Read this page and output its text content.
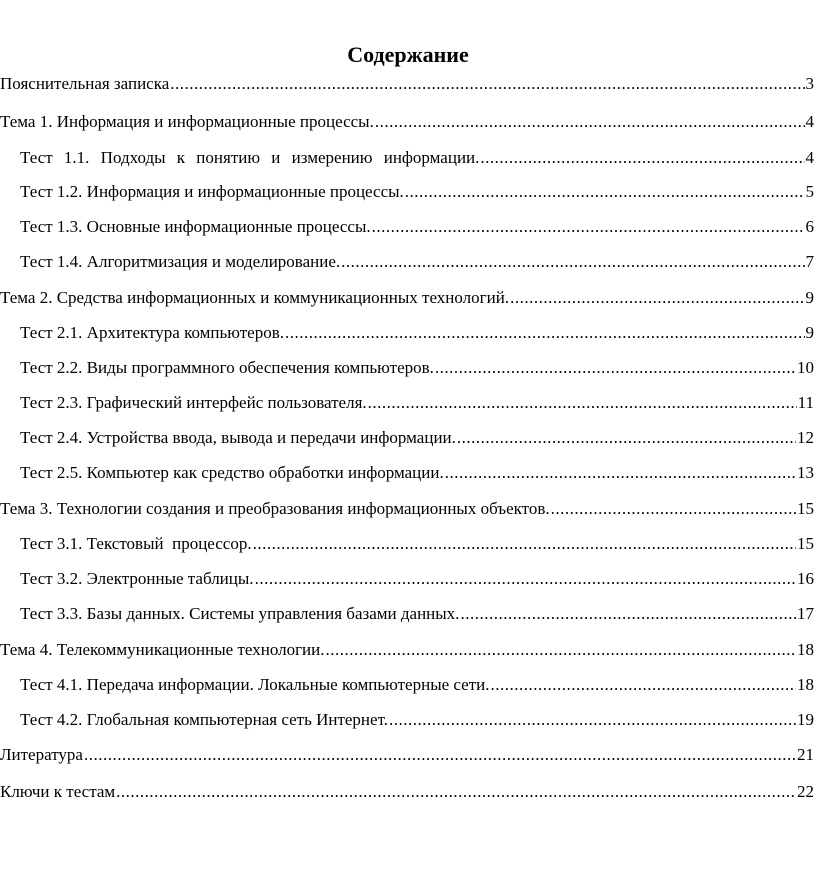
Содержание
Пояснительная записка .....	3
Тема 1. Информация и информационные процессы. .....	4
Тест 1.1. Подходы к понятию и измерению информации. .....	4
Тест 1.2. Информация и информационные процессы. .....	5
Тест 1.3. Основные информационные процессы. .....	6
Тест 1.4. Алгоритмизация и моделирование. .....	7
Тема 2. Средства информационных и коммуникационных технологий. .....	9
Тест 2.1. Архитектура компьютеров. .....	9
Тест 2.2. Виды программного обеспечения компьютеров. .....	10
Тест 2.3. Графический интерфейс пользователя. .....	11
Тест 2.4. Устройства ввода, вывода и передачи информации. .....	12
Тест 2.5. Компьютер как средство обработки информации. .....	13
Тема 3. Технологии создания и преобразования информационных объектов. .....	15
Тест 3.1. Текстовый  процессор. .....	15
Тест 3.2. Электронные таблицы. .....	16
Тест 3.3. Базы данных. Системы управления базами данных. .....	17
Тема 4. Телекоммуникационные технологии. .....	18
Тест 4.1. Передача информации. Локальные компьютерные сети. .....	18
Тест 4.2. Глобальная компьютерная сеть Интернет. .....	19
Литература .....	21
Ключи к тестам .....	22
